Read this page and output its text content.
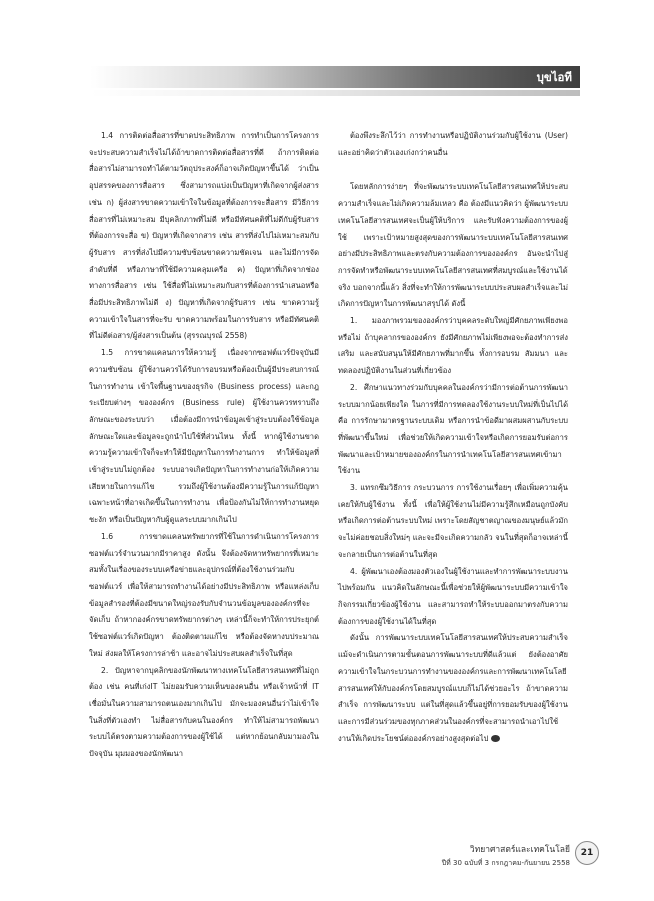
บุขไอที

1.4 การติดต่อสื่อสารที่ขาดประสิทธิภาพ การทำเป็นการโครงการจะประสบความสำเร็จไม่ได้ถ้าขาดการติดต่อสื่อสารที่ดี ถ้าการติดต่อสื่อสารไม่สามารถทำได้ตามวัตถุประสงค์ก็อาจเกิดปัญหาขึ้นได้ ว่าเป็นอุปสรรคของการสื่อสาร ซึ่งสามารถแบ่งเป็นปัญหาที่เกิดจากผู้ส่งสาร เช่น ก) ผู้ส่งสารขาดความเข้าใจในข้อมูลที่ต้องการจะสื่อสาร มีวิธีการสื่อสารที่ไม่เหมาะสม มีบุคลิกภาพที่ไม่ดี หรือมีทัศนคติที่ไม่ดีกับผู้รับสารที่ต้องการจะสื่อ ข) ปัญหาที่เกิดจากสาร เช่น สารที่ส่งไปไม่เหมาะสมกับผู้รับสาร สารที่ส่งไปมีความซับซ้อนขาดความชัดเจน และไม่มีการจัดลำดับที่ดี หรือภาษาที่ใช้มีความคลุมเครือ ค) ปัญหาที่เกิดจากช่องทางการสื่อสาร เช่น ใช้สื่อที่ไม่เหมาะสมกับสารที่ต้องการนำเสนอหรือสื่อมีประสิทธิภาพไม่ดี ง) ปัญหาที่เกิดจากผู้รับสาร เช่น ขาดความรู้ความเข้าใจในสารที่จะรับ ขาดความพร้อมในการรับสาร หรือมีทัศนคติที่ไม่ดีต่อสาร/ผู้ส่งสารเป็นต้น (สุรรณบุรณ์ 2558)

1.5 การขาดแคลนการให้ความรู้ เนื่องจากซอฟต์แวร์ปัจจุบันมีความซับซ้อน ผู้ใช้งานควรได้รับการอบรมหรือต้องเป็นผู้มีประสบการณ์ในการทำงาน เข้าใจพื้นฐานของธุรกิจ (Business process) และกฎระเบียบต่างๆ ขององค์กร (Business rule) ผู้ใช้งานควรทราบถึงลักษณะของระบบว่า เมื่อต้องมีการนำข้อมูลเข้าสู่ระบบต้องใช้ข้อมูลลักษณะใดและข้อมูลจะถูกนำไปใช้ที่ส่วนไหน ทั้งนี้ หากผู้ใช้งานขาดความรู้ความเข้าใจก็จะทำให้มีปัญหาในการทำงานการ ทำให้ข้อมูลที่เข้าสู่ระบบไม่ถูกต้อง ระบบอาจเกิดปัญหาในการทำงานก่อให้เกิดความเสียหายในการแก้ไข รวมถึงผู้ใช้งานต้องมีความรู้ในการแก้ปัญหาเฉพาะหน้าที่อาจเกิดขึ้นในการทำงาน เพื่อป้องกันไม่ให้การทำงานหยุดชะงัก หรือเป็นปัญหากับผู้ดูแลระบบมากเกินไป

1.6 การขาดแคลนทรัพยากรที่ใช้ในการดำเนินการโครงการ ซอฟต์แวร์จำนวนมากมีราคาสูง ดังนั้น จึงต้องจัดหาทรัพยากรที่เหมาะสมทั้งในเรื่องของระบบเครือข่ายและอุปกรณ์ที่ต้องใช้งานร่วมกับซอฟต์แวร์ เพื่อให้สามารถทำงานได้อย่างมีประสิทธิภาพ หรือแหล่งเก็บข้อมูลสำรองที่ต้องมีขนาดใหญ่รองรับกับจำนวนข้อมูลขององค์กรที่จะจัดเก็บ ถ้าหากองค์กรขาดทรัพยากรต่างๆ เหล่านี้ก็จะทำให้การประยุกต์ใช้ซอฟต์แวร์เกิดปัญหา ต้องติดตามแก้ไข หรือต้องจัดหางบประมาณใหม่ ส่งผลให้โครงการล่าช้า และอาจไม่ประสบผลสำเร็จในที่สุด

2. ปัญหาจากบุคลิกของนักพัฒนาทางเทคโนโลยีสารสนเทศที่ไม่ถูกต้อง เช่น คนที่เก่งIT ไม่ยอมรับความเห็นของคนอื่น หรือเจ้าหน้าที่ IT เชื่อมั่นในความสามารถตนเองมากเกินไป มักจะมองคนอื่นว่าไม่เข้าใจในสิ่งที่ตัวเองทำ ไม่สื่อสารกับคนในองค์กร ทำให้ไม่สามารถพัฒนาระบบได้ตรงตามความต้องการของผู้ใช้ได้ แต่หากย้อนกลับมามองในปัจจุบัน มุมมองของนักพัฒนา

ต้องพึงระลึกไว้ว่า การทำงานหรือปฏิบัติงานร่วมกับผู้ใช้งาน (User) และอย่าคิดว่าตัวเองเก่งกว่าคนอื่น

โดยหลักการง่ายๆ ที่จะพัฒนาระบบเทคโนโลยีสารสนเทศให้ประสบความสำเร็จและไม่เกิดความล้มเหลว คือ ต้องมีแนวคิดว่า ผู้พัฒนาระบบเทคโนโลยีสารสนเทศจะเป็นผู้ให้บริการ และรับฟังความต้องการของผู้ใช้ เพราะเป้าหมายสูงสุดของการพัฒนาระบบเทคโนโลยีสารสนเทศอย่างมีประสิทธิภาพและตรงกับความต้องการขององค์กร อันจะนำไปสู่การจัดทำหรือพัฒนาระบบเทคโนโลยีสารสนเทศที่สมบูรณ์และใช้งานได้จริง บอกจากนี้แล้ว สิ่งที่จะทำให้การพัฒนาระบบประสบผลสำเร็จและไม่เกิดการปัญหาในการพัฒนาสรุปได้ ดังนี้

1. มองภาพรวมขององค์กรว่าบุคคลระดับใหญ่มีศักยภาพเพียงพอหรือไม่ ถ้าบุคลากรขององค์กร ยังมีศักยภาพไม่เพียงพอจะต้องทำการส่งเสริม และสนับสนุนให้มีศักยภาพที่มากขึ้น ทั้งการอบรม สัมมนา และทดลองปฏิบัติงานในส่วนที่เกี่ยวข้อง

2. ศึกษาแนวทางร่วมกับบุคคลในองค์กรว่ามีการต่อต้านการพัฒนาระบบมากน้อยเพียงใด ในการที่มีการทดลองใช้งานระบบใหม่ที่เป็นไปได้ คือ การรักษามาตรฐานระบบเดิม หรือการนำข้อดีมาผสมผสานกับระบบที่พัฒนาขึ้นใหม่ เพื่อช่วยให้เกิดความเข้าใจหรือเกิดการยอมรับต่อการพัฒนาและเป้าหมายขององค์กรในการนำเทคโนโลยีสารสนเทศเข้ามาใช้งาน

3. แทรกซึมวิธีการ กระบวนการ การใช้งานเรื่อยๆ เพื่อเพิ่มความคุ้นเคยให้กับผู้ใช้งาน ทั้งนี้ เพื่อให้ผู้ใช้งานไม่มีความรู้สึกเหมือนถูกบังคับ หรือเกิดการต่อต้านระบบใหม่ เพราะโดยสัญชาตญาณของมนุษย์แล้วมักจะไม่ค่อยชอบสิ่งใหม่ๆ และจะมีจะเกิดความกลัว จนในที่สุดก็อาจเหล่านี้จะกลายเป็นการต่อต้านในที่สุด

4. ผู้พัฒนาเองต้องมองตัวเองในผู้ใช้งานและทำการพัฒนาระบบงานไปพร้อมกัน แนวคิดในลักษณะนี้เพื่อช่วยให้ผู้พัฒนาระบบมีความเข้าใจกิจกรรมเกี่ยวข้องผู้ใช้งาน และสามารถทำให้ระบบออกมาตรงกับความต้องการของผู้ใช้งานได้ในที่สุด

ดังนั้น การพัฒนาระบบเทคโนโลยีสารสนเทศให้ประสบความสำเร็จ แม้จะดำเนินการตามขั้นตอนการพัฒนาระบบที่ดีแล้วแต่ ยังต้องอาศัยความเข้าใจในกระบวนการทำงานขององค์กรและการพัฒนาเทคโนโลยีสารสนเทศให้กับองค์กรโดยสมบูรณ์แบบก็ไม่ได้ช่วยอะไร ถ้าขาดความสำเร็จ การพัฒนาระบบ แต่ในที่สุดแล้วขึ้นอยู่ที่การยอมรับของผู้ใช้งานและการมีส่วนร่วมของทุกภาคส่วนในองค์กรที่จะสามารถนำเอาไปใช้งานให้เกิดประโยชน์ต่อองค์กรอย่างสูงสุดต่อไป

วิทยาศาสตร์และเทคโนโลยี
ปีที่ 30 ฉบับที่ 3 กรกฎาคม-กันยายน 2558
21
